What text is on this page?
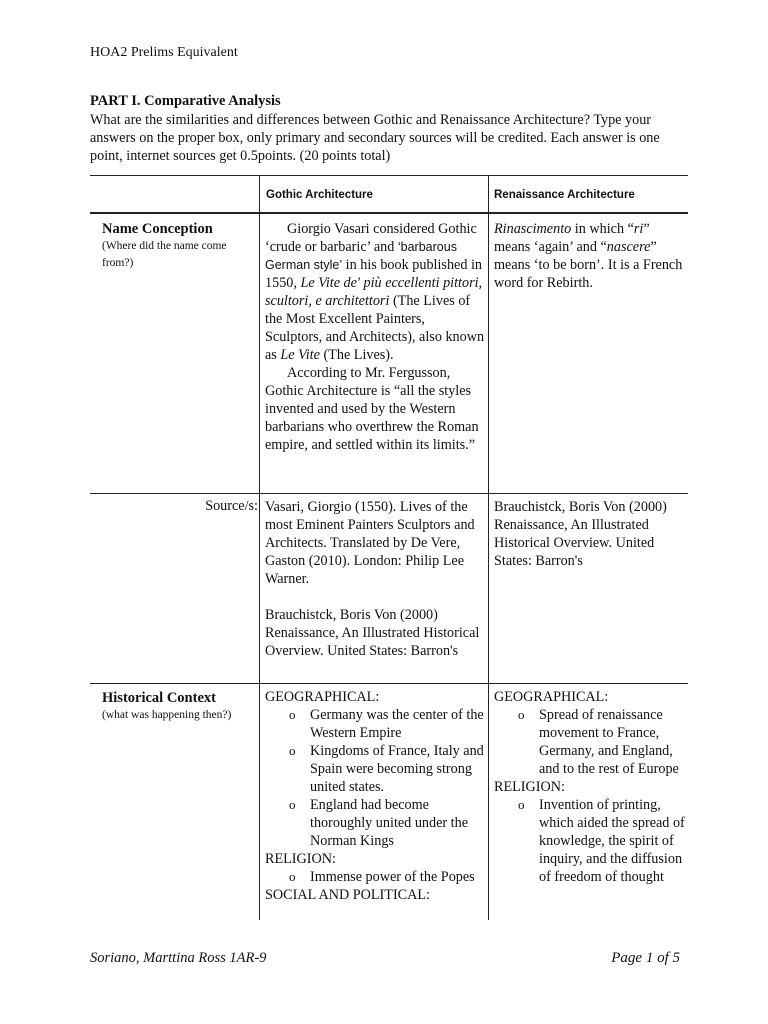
HOA2 Prelims Equivalent
PART I. Comparative Analysis
What are the similarities and differences between Gothic and Renaissance Architecture? Type your answers on the proper box, only primary and secondary sources will be credited. Each answer is one point, internet sources get 0.5points. (20 points total)
Gothic Architecture	Renaissance Architecture
Name Conception
(Where did the name come from?)

Giorgio Vasari considered Gothic ‘crude or barbaric’ and ‘barbarous German style’ in his book published in 1550, Le Vite de' più eccellenti pittori, scultori, e architettori (The Lives of the Most Excellent Painters, Sculptors, and Architects), also known as Le Vite (The Lives).

According to Mr. Fergusson, Gothic Architecture is “all the styles invented and used by the Western barbarians who overthrew the Roman empire, and settled within its limits.”

Rinascimento in which “ri” means ‘again’ and “nascere” means ‘to be born’. It is a French word for Rebirth.

Source/s: Vasari, Giorgio (1550). Lives of the most Eminent Painters Sculptors and Architects. Translated by De Vere, Gaston (2010). London: Philip Lee Warner.

Brauchistck, Boris Von (2000) Renaissance, An Illustrated Historical Overview. United States: Barron's

Brauchistck, Boris Von (2000) Renaissance, An Illustrated Historical Overview. United States: Barron's

Historical Context
(what was happening then?)
GEOGRAPHICAL:
o Germany was the center of the Western Empire
o Kingdoms of France, Italy and Spain were becoming strong united states.
o England had become thoroughly united under the Norman Kings
RELIGION:
o Immense power of the Popes
SOCIAL AND POLITICAL:
GEOGRAPHICAL:
o Spread of renaissance movement to France, Germany, and England, and to the rest of Europe
RELIGION:
o Invention of printing, which aided the spread of knowledge, the spirit of inquiry, and the diffusion of freedom of thought
Soriano, Marttina Ross 1AR-9	Page 1 of 5
